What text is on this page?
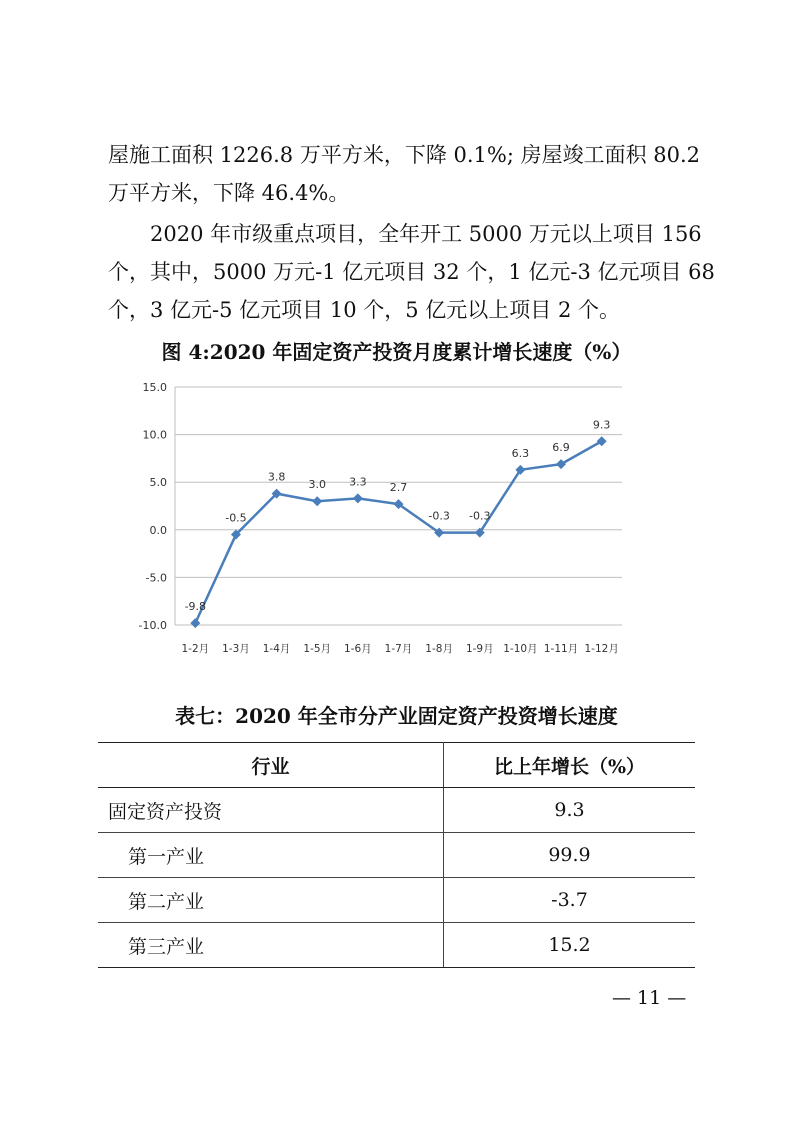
屋施工面积 1226.8 万平方米，下降 0.1%; 房屋竣工面积 80.2
万平方米，下降 46.4%。
2020 年市级重点项目，全年开工 5000 万元以上项目 156
个，其中，5000 万元-1 亿元项目 32 个，1 亿元-3 亿元项目 68
个，3 亿元-5 亿元项目 10 个，5 亿元以上项目 2 个。
图 4:2020 年固定资产投资月度累计增长速度（%）
15.0
10.0
5.0
0.0
-5.0
-10.0
1-2月 1-3月 1-4月 1-5月 1-6月 1-7月 1-8月 1-9月 1-10月 1-11月 1-12月
-9.8
-0.5
3.8
3.0 3.3 2.7
-0.3 -0.3
6.3 6.9
9.3
表七：2020 年全市分产业固定资产投资增长速度
行业	比上年增长（%）
固定资产投资	9.3
第一产业	99.9
第二产业	-3.7
第三产业	15.2
— 11 —
